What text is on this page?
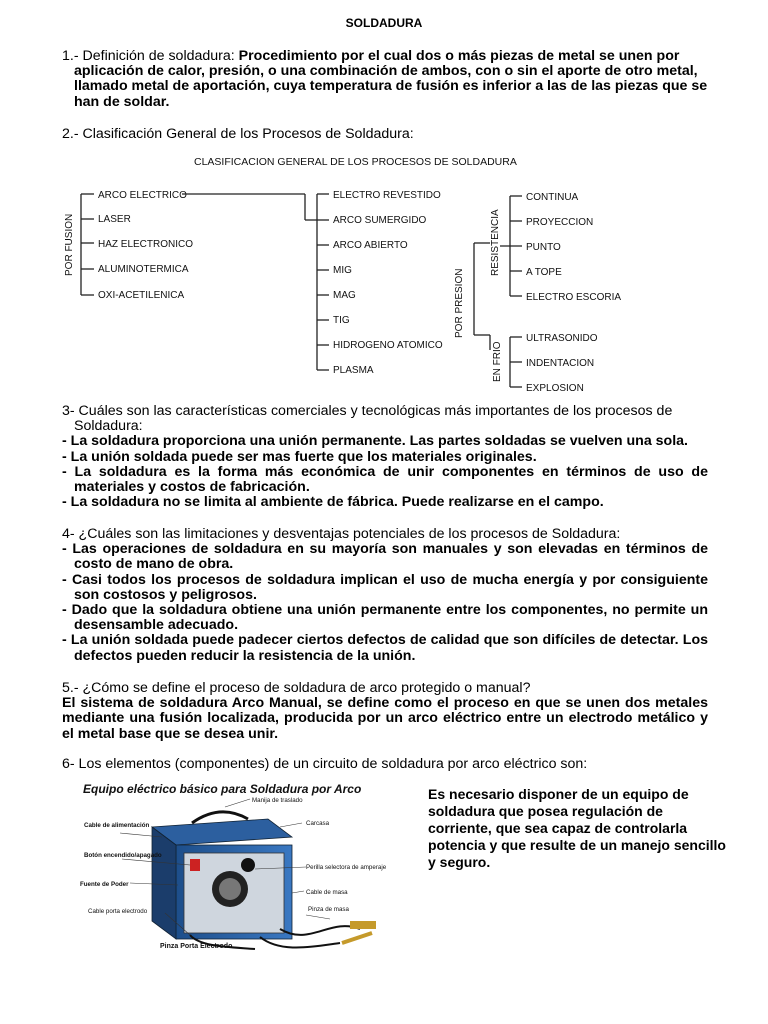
SOLDADURA
1.- Definición de soldadura: Procedimiento por el cual dos o más piezas de metal se unen por aplicación de calor, presión, o una combinación de ambos, con o sin el aporte de otro metal, llamado metal de aportación, cuya temperatura de fusión es inferior a las de las piezas que se han de soldar.
2.- Clasificación General de los Procesos de Soldadura:
CLASIFICACION GENERAL DE LOS PROCESOS DE SOLDADURA
POR FUSION
ARCO ELECTRICO
LASER
HAZ ELECTRONICO
ALUMINOTERMICA
OXI-ACETILENICA
ELECTRO REVESTIDO
ARCO SUMERGIDO
ARCO ABIERTO
MIG
MAG
TIG
HIDROGENO ATOMICO
PLASMA
POR PRESION
RESISTENCIA
CONTINUA
PROYECCION
PUNTO
A TOPE
ELECTRO ESCORIA
EN FRIO
ULTRASONIDO
INDENTACION
EXPLOSION
3- Cuáles son las características comerciales y tecnológicas más importantes de los procesos de Soldadura:
- La soldadura proporciona una unión permanente. Las partes soldadas se vuelven una sola.
- La unión soldada puede ser mas fuerte que los materiales originales.
- La soldadura es la forma más económica de unir componentes en términos de uso de materiales y costos de fabricación.
- La soldadura no se limita al ambiente de fábrica. Puede realizarse en el campo.
4- ¿Cuáles son las limitaciones y desventajas potenciales de los procesos de Soldadura:
- Las operaciones de soldadura en su mayoría son manuales y son elevadas en términos de costo de mano de obra.
- Casi todos los procesos de soldadura implican el uso de mucha energía y por consiguiente son costosos y peligrosos.
- Dado que la soldadura obtiene una unión permanente entre los componentes, no permite un desensamble adecuado.
- La unión soldada puede padecer ciertos defectos de calidad que son difíciles de detectar. Los defectos pueden reducir la resistencia de la unión.
5.- ¿Cómo se define el proceso de soldadura de arco protegido o manual?
El sistema de soldadura Arco Manual, se define como el proceso en que se unen dos metales mediante una fusión localizada, producida por un arco eléctrico entre un electrodo metálico y el metal base que se desea unir.
6- Los elementos (componentes) de un circuito de soldadura por arco eléctrico son:
Equipo eléctrico básico para Soldadura por Arco
Manija de traslado
Carcasa
Cable de alimentación
Botón encendido/apagado
Perilla selectora de amperaje
Fuente de Poder
Cable de masa
Cable porta electrodo	Pinza de masa
Pinza Porta Electrodo
Es necesario disponer de un equipo de soldadura que posea regulación de corriente, que sea capaz de controlarla potencia y que resulte de un manejo sencillo y seguro.
